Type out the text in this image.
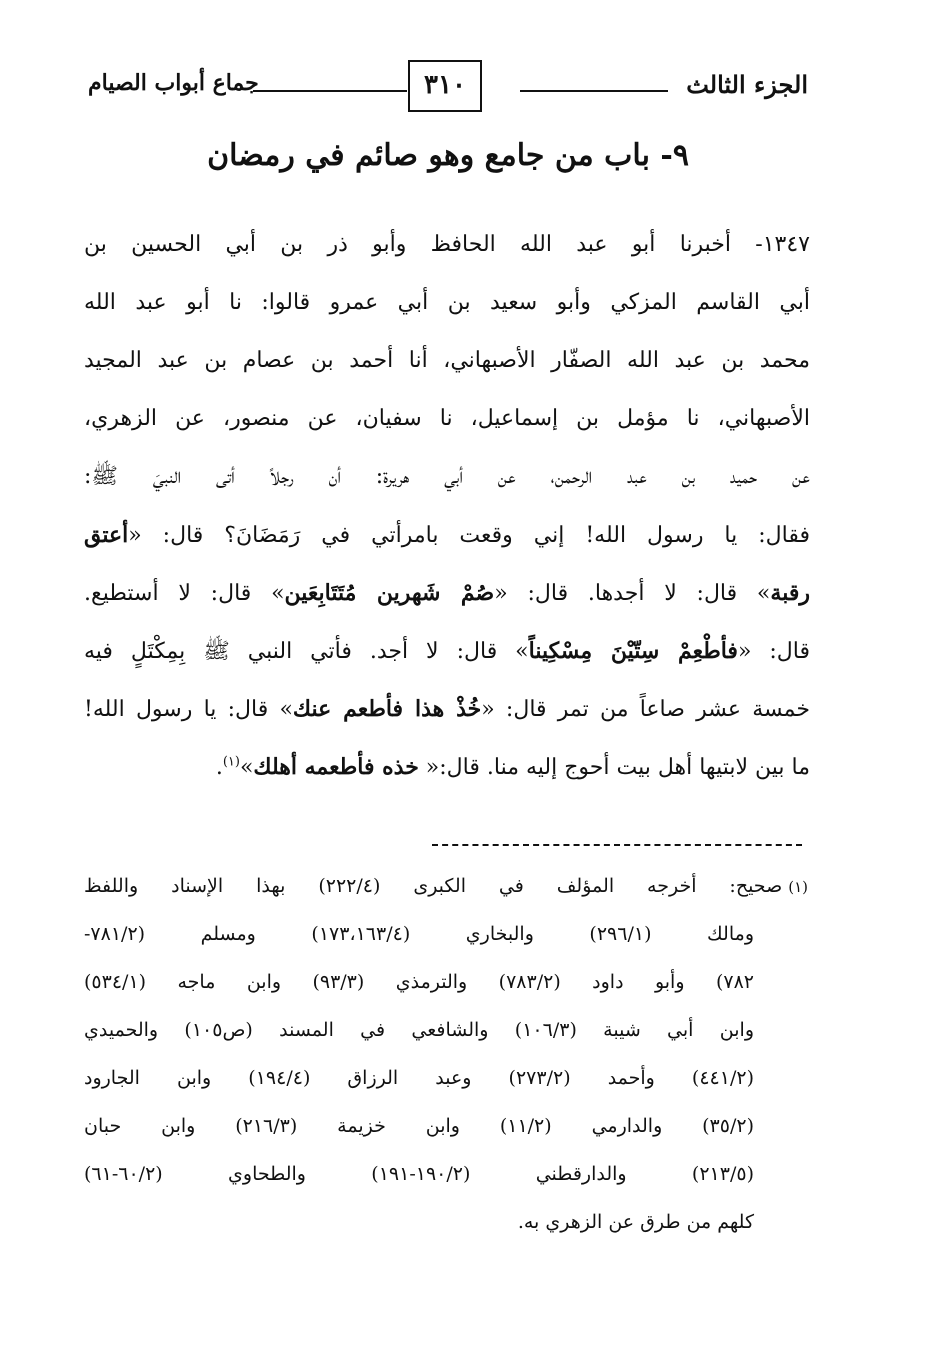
الجزء الثالث
٣١٠
جماع أبواب الصيام
٩- باب من جامع وهو صائم في رمضان
١٣٤٧- أخبرنا أبو عبد الله الحافظ وأبو ذر بن أبي الحسين بن
أبي القاسم المزكي وأبو سعيد بن أبي عمرو قالوا: نا أبو عبد الله
محمد بن عبد الله الصفّار الأصبهاني، أنا أحمد بن عصام بن عبد المجيد
الأصبهاني، نا مؤمل بن إسماعيل، نا سفيان، عن منصور، عن الزهري،
عن حميد بن عبد الرحمن، عن أبي هريرة: أن رجلاً أتى النبيَ ﷺ:
فقال: يا رسول الله! إني وقعت بامرأتي في رَمَضَانَ؟ قال: «أعتق
رقبة» قال: لا أجدها. قال: «صُمْ شَهرين مُتَتَابِعَين» قال: لا أستطيع.
قال: «فأطْعِمْ سِتّيْنَ مِسْكِيناً» قال: لا أجد. فأتي النبي ﷺ بِمِكْتَلٍ فيه
خمسة عشر صاعاً من تمر قال: «خُذْ هذا فأطعم عنك» قال: يا رسول الله!
ما بين لابتيها أهل بيت أحوج إليه منا. قال:« خذه فأطعمه أهلك»$^{(١)}$.
(١)صحيح: أخرجه المؤلف في الكبرى (٢٢٢/٤) بهذا الإسناد واللفظ
ومالك (٢٩٦/١) والبخاري (١٧٣،١٦٣/٤) ومسلم (٧٨١/٢-
٧٨٢) وأبو داود (٧٨٣/٢) والترمذي (٩٣/٣) وابن ماجه (٥٣٤/١)
وابن أبي شيبة (١٠٦/٣) والشافعي في المسند (ص١٠٥) والحميدي
(٤٤١/٢) وأحمد (٢٧٣/٢) وعبد الرزاق (١٩٤/٤) وابن الجارود
(٣٥/٢) والدارمي (١١/٢) وابن خزيمة (٢١٦/٣) وابن حبان
(٢١٣/٥) والدارقطني (١٩٠/٢-١٩١) والطحاوي (٦٠/٢-٦١)
كلهم من طرق عن الزهري به.
